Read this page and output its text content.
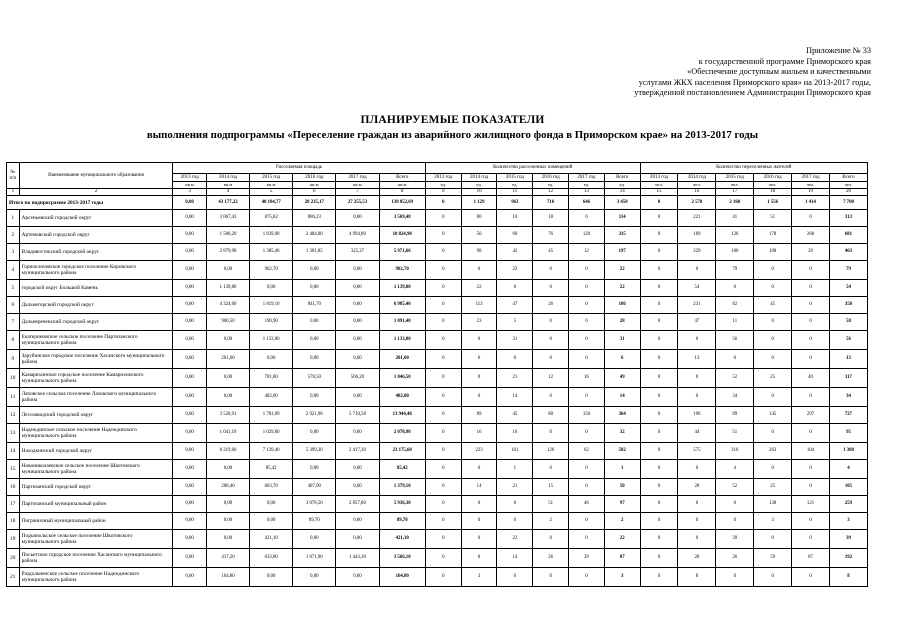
Приложение № 33
к государственной программе Приморского края
«Обеспечение доступным жильем и качественными
услугами ЖКХ населения Приморского края» на 2013-2017 годы,
утвержденной постановлением Администрации Приморского края
ПЛАНИРУЕМЫЕ ПОКАЗАТЕЛИ
выполнения подпрограммы «Переселение граждан из аварийного жилищного фонда в Приморском крае» на 2013-2017 годы
№ п/п	Наименование муниципального образования	Расселяемая площадь						Количество расселенных помещений						Количество переселенных жителей					
		2013 год	2014 год	2015 год	2016 год	2017 год	Всего	2013 год	2014 год	2015 год	2016 год	2017 год	Всего	2013 год	2014 год	2015 год	2016 год	2017 год	Всего
		кв.м	кв.м	кв.м	кв.м	кв.м	кв.м	ед.	ед.	ед.	ед.	ед.	ед.	чел.	чел.	чел.	чел.	чел.	чел.
1	2	3	4	5	6	7	8	9	10	11	12	13	14	15	16	17	18	19	20
Итого по подпрограмме 2013-2017 годы		0,00	43 177,22	40 184,77	28 235,17	27 255,53	138 852,69	0	1 129	963	716	646	3 458	0	2 578	2 160	1 556	1 414	7 708
1	Арсеньевский городской округ	0,00	3 067,43	875,82	886,23	0,00	3 569,48	0	80	16	18	0	114	0	221	41	51	0	313
2	Артемовский городской округ	0,00	1 506,20	1 839,98	2 484,00	4 994,80	10 824,98	0	50	69	76	120	315	0	109	126	178	268	681
3	Владивостокский городской округ	0,00	2 879,98	1 385,46	1 381,85	325,37	5 971,66	0	98	42	45	12	197	0	229	100	108	26	463
4	Горнокличевское городское поселение Кировского муниципального района	0,00	0,00	902,70	0,00	0,00	902,70	0	0	22	0	0	22	0	0	79	0	0	79
5	городской округ Большой Камень	0,00	1 139,80	0,00	0,00	0,00	1 139,80	0	22	0	0	0	22	0	54	0	0	0	54
6	Дальнегорский городской округ	0,00	4 324,60	1 819,10	841,70	0,00	6 985,40	0	113	47	26	0	186	0	231	82	45	0	358
7	Дальнереченский городской округ	0,00	900,50	190,90	0,00	0,00	1 091,40	0	23	5	0	0	28	0	47	11	0	0	58
8	Екатериновское сельское поселение Партизанского муниципального района	0,00	0,00	1 133,80	0,00	0,00	1 133,80	0	0	31	0	0	31	0	0	56	0	0	56
9	Зарубинское городское поселение Хасанского муниципального района	0,00	201,60	0,00	0,00	0,00	201,60	0	6	0	0	0	6	0	13	0	0	0	13
10	Камарихинское городское поселение Камарихинского муниципального района	0,00	0,00	701,80	578,50	566,20	1 846,50	0	0	21	12	16	49	0	0	52	25	40	117
11	Ляховское сельское поселение Лазовского муниципального района	0,00	0,00	482,00	0,00	0,00	482,00	0	0	14	0	0	14	0	0	34	0	0	34
12	Лесозаводский городской округ	0,00	3 528,91	1 781,09	2 921,96	5 710,58	13 944,48	0	89	45	80	150	364	0	196	89	145	297	727
13	Надеждинское сельское поселение Надеждинского муниципального района	0,00	1 041,10	1 029,80	0,00	0,00	2 070,90	0	16	16	0	0	32	0	44	51	0	0	95
14	Находкинский городской округ	0,00	8 219,60	7 139,40	5 399,30	2 417,30	23 175,60	0	223	161	126	62	582	0	575	316	263	104	1 308
15	Новониколаевское сельское поселение Шкотовского муниципального района	0,00	0,00	85,42	0,00	0,00	85,42	0	0	1	0	0	1	0	0	4	0	0	4
16	Партизанский городской округ	0,00	288,40	603,70	487,00	0,00	1 379,10	0	14	21	15	0	50	0	28	52	25	0	105
17	Партизанский муниципальный район	0,00	0,00	0,00	3 078,50	2 857,80	5 936,30	0	0	0	51	46	97	0	0	0	138	121	259
18	Пограничный муниципальный район	0,00	0,00	0,00	89,70	0,00	89,70	0	0	0	2	0	2	0	0	0	3	0	3
19	Подъяпольское сельское поселение Шкотовского муниципального района	0,00	0,00	421,10	0,00	0,00	421,10	0	0	22	0	0	22	0	0	39	0	0	39
20	Посьетское городское поселение Хасанского муниципального района	0,00	417,20	633,80	1 071,90	1 443,30	3 566,10	0	8	14	26	39	87	0	20	26	59	87	192
21	Раздольненское сельское поселение Надеждинского муниципального района	0,00	164,80	0,00	0,00	0,00	164,80	0	3	0	0	0	3	0	8	0	0	0	8
